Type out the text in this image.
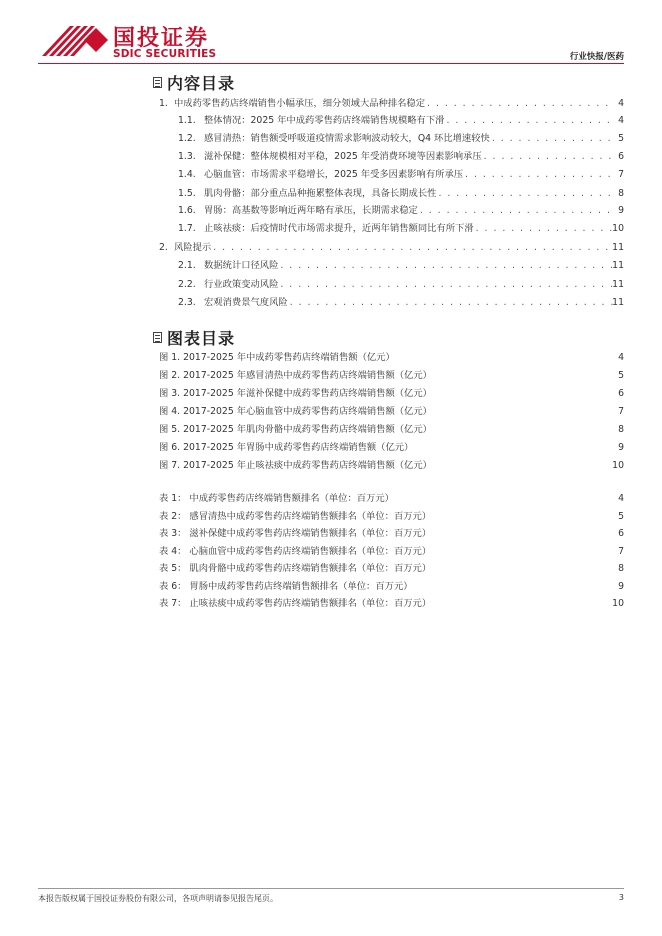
国投证券
SDIC SECURITIES	行业快报/医药
内容目录
1. 中成药零售药店终端销售小幅承压，细分领域大品种排名稳定 . . .	4
1.1. 整体情况：2025 年中成药零售药店终端销售规模略有下滑 . . .	4
1.2. 感冒清热：销售额受呼吸道疫情需求影响波动较大，Q4 环比增速较快 . . .	5
1.3. 滋补保健：整体规模相对平稳，2025 年受消费环境等因素影响承压 . . .	6
1.4. 心脑血管：市场需求平稳增长，2025 年受多因素影响有所承压 . . .	7
1.5. 肌肉骨骼：部分重点品种拖累整体表现，具备长期成长性 . . .	8
1.6. 胃肠：高基数等影响近两年略有承压，长期需求稳定 . . .	9
1.7. 止咳祛痰：后疫情时代市场需求提升，近两年销售额同比有所下滑 . . .	10
2. 风险提示 . . .	11
2.1. 数据统计口径风险 . . .	11
2.2. 行业政策变动风险 . . .	11
2.3. 宏观消费景气度风险 . . .	11
图表目录
图 1. 2017-2025 年中成药零售药店终端销售额（亿元）	4
图 2. 2017-2025 年感冒清热中成药零售药店终端销售额（亿元）	5
图 3. 2017-2025 年滋补保健中成药零售药店终端销售额（亿元）	6
图 4. 2017-2025 年心脑血管中成药零售药店终端销售额（亿元）	7
图 5. 2017-2025 年肌肉骨骼中成药零售药店终端销售额（亿元）	8
图 6. 2017-2025 年胃肠中成药零售药店终端销售额（亿元）	9
图 7. 2017-2025 年止咳祛痰中成药零售药店终端销售额（亿元）	10
表 1： 中成药零售药店终端销售额排名（单位：百万元）	4
表 2： 感冒清热中成药零售药店终端销售额排名（单位：百万元）	5
表 3： 滋补保健中成药零售药店终端销售额排名（单位：百万元）	6
表 4： 心脑血管中成药零售药店终端销售额排名（单位：百万元）	7
表 5： 肌肉骨骼中成药零售药店终端销售额排名（单位：百万元）	8
表 6： 胃肠中成药零售药店终端销售额排名（单位：百万元）	9
表 7： 止咳祛痰中成药零售药店终端销售额排名（单位：百万元）	10
本报告版权属于国投证券股份有限公司，各项声明请参见报告尾页。	3
